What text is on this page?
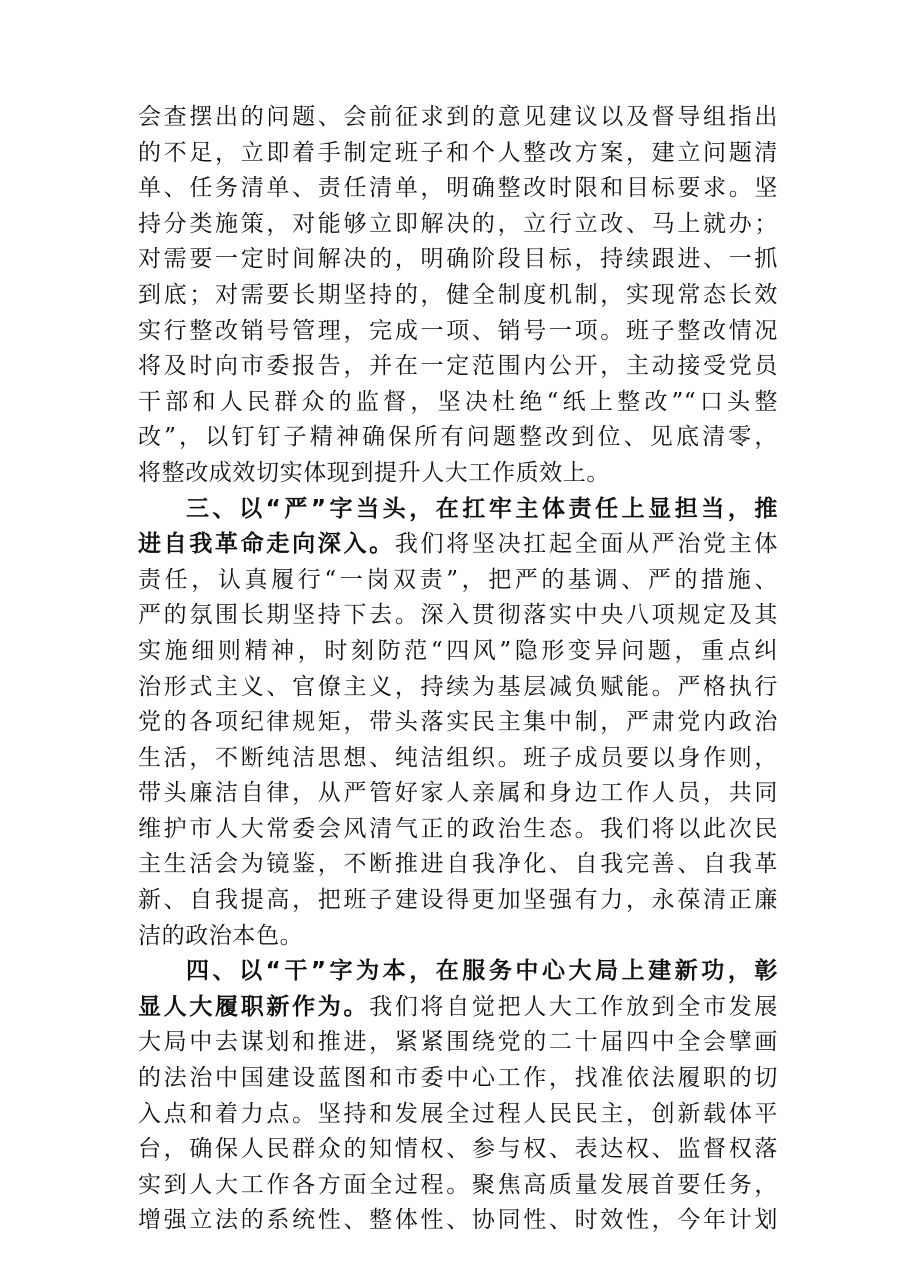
会查摆出的问题、会前征求到的意见建议以及督导组指出
的不足，立即着手制定班子和个人整改方案，建立问题清
单、任务清单、责任清单，明确整改时限和目标要求。坚
持分类施策，对能够立即解决的，立行立改、马上就办；
对需要一定时间解决的，明确阶段目标，持续跟进、一抓
到底；对需要长期坚持的，健全制度机制，实现常态长效
实行整改销号管理，完成一项、销号一项。班子整改情况
将及时向市委报告，并在一定范围内公开，主动接受党员
干部和人民群众的监督，坚决杜绝“纸上整改”“口头整
改”，以钉钉子精神确保所有问题整改到位、见底清零，
将整改成效切实体现到提升人大工作质效上。
三、以“严”字当头，在扛牢主体责任上显担当，推
进自我革命走向深入。我们将坚决扛起全面从严治党主体
责任，认真履行“一岗双责”，把严的基调、严的措施、
严的氛围长期坚持下去。深入贯彻落实中央八项规定及其
实施细则精神，时刻防范“四风”隐形变异问题，重点纠
治形式主义、官僚主义，持续为基层减负赋能。严格执行
党的各项纪律规矩，带头落实民主集中制，严肃党内政治
生活，不断纯洁思想、纯洁组织。班子成员要以身作则，
带头廉洁自律，从严管好家人亲属和身边工作人员，共同
维护市人大常委会风清气正的政治生态。我们将以此次民
主生活会为镜鉴，不断推进自我净化、自我完善、自我革
新、自我提高，把班子建设得更加坚强有力，永葆清正廉
洁的政治本色。
四、以“干”字为本，在服务中心大局上建新功，彰
显人大履职新作为。我们将自觉把人大工作放到全市发展
大局中去谋划和推进，紧紧围绕党的二十届四中全会擘画
的法治中国建设蓝图和市委中心工作，找准依法履职的切
入点和着力点。坚持和发展全过程人民民主，创新载体平
台，确保人民群众的知情权、参与权、表达权、监督权落
实到人大工作各方面全过程。聚焦高质量发展首要任务，
增强立法的系统性、整体性、协同性、时效性，今年计划
